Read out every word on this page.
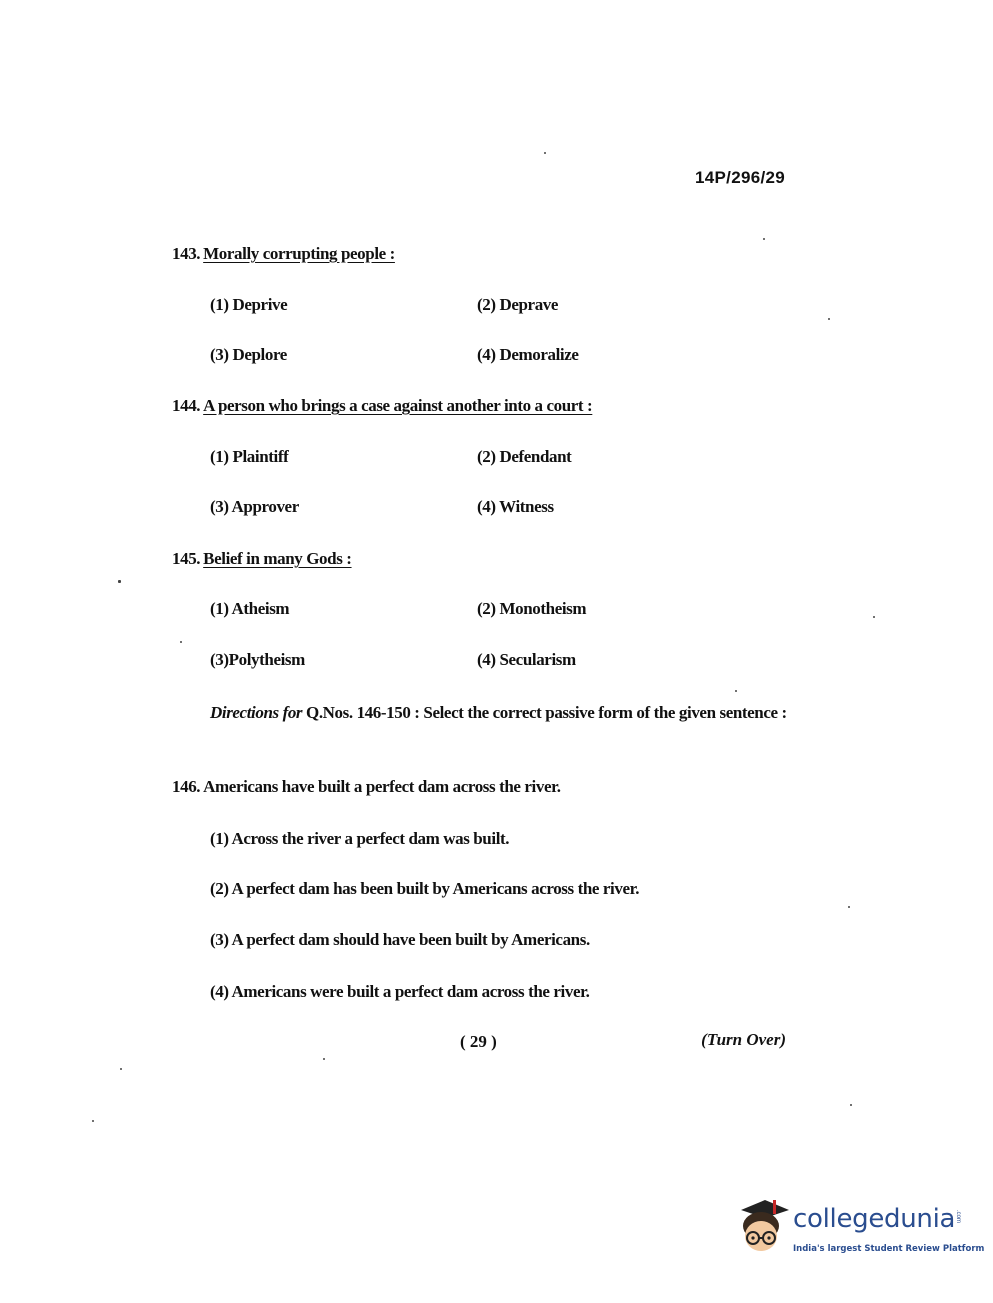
14P/296/29
143. Morally corrupting people :
(1) Deprive	(2) Deprave
(3) Deplore	(4) Demoralize
144. A person who brings a case against another into a court :
(1) Plaintiff	(2) Defendant
(3) Approver	(4) Witness
145. Belief in many Gods :
(1) Atheism	(2) Monotheism
(3)Polytheism	(4) Secularism
Directions for Q.Nos. 146-150 : Select the correct passive form of the given sentence :
146. Americans have built a perfect dam across the river.
(1) Across the river a perfect dam was built.
(2) A perfect dam has been built by Americans across the river.
(3) A perfect dam should have been built by Americans.
(4) Americans were built a perfect dam across the river.
( 29 )	(Turn Over)
collegedunia .com
India's largest Student Review Platform
